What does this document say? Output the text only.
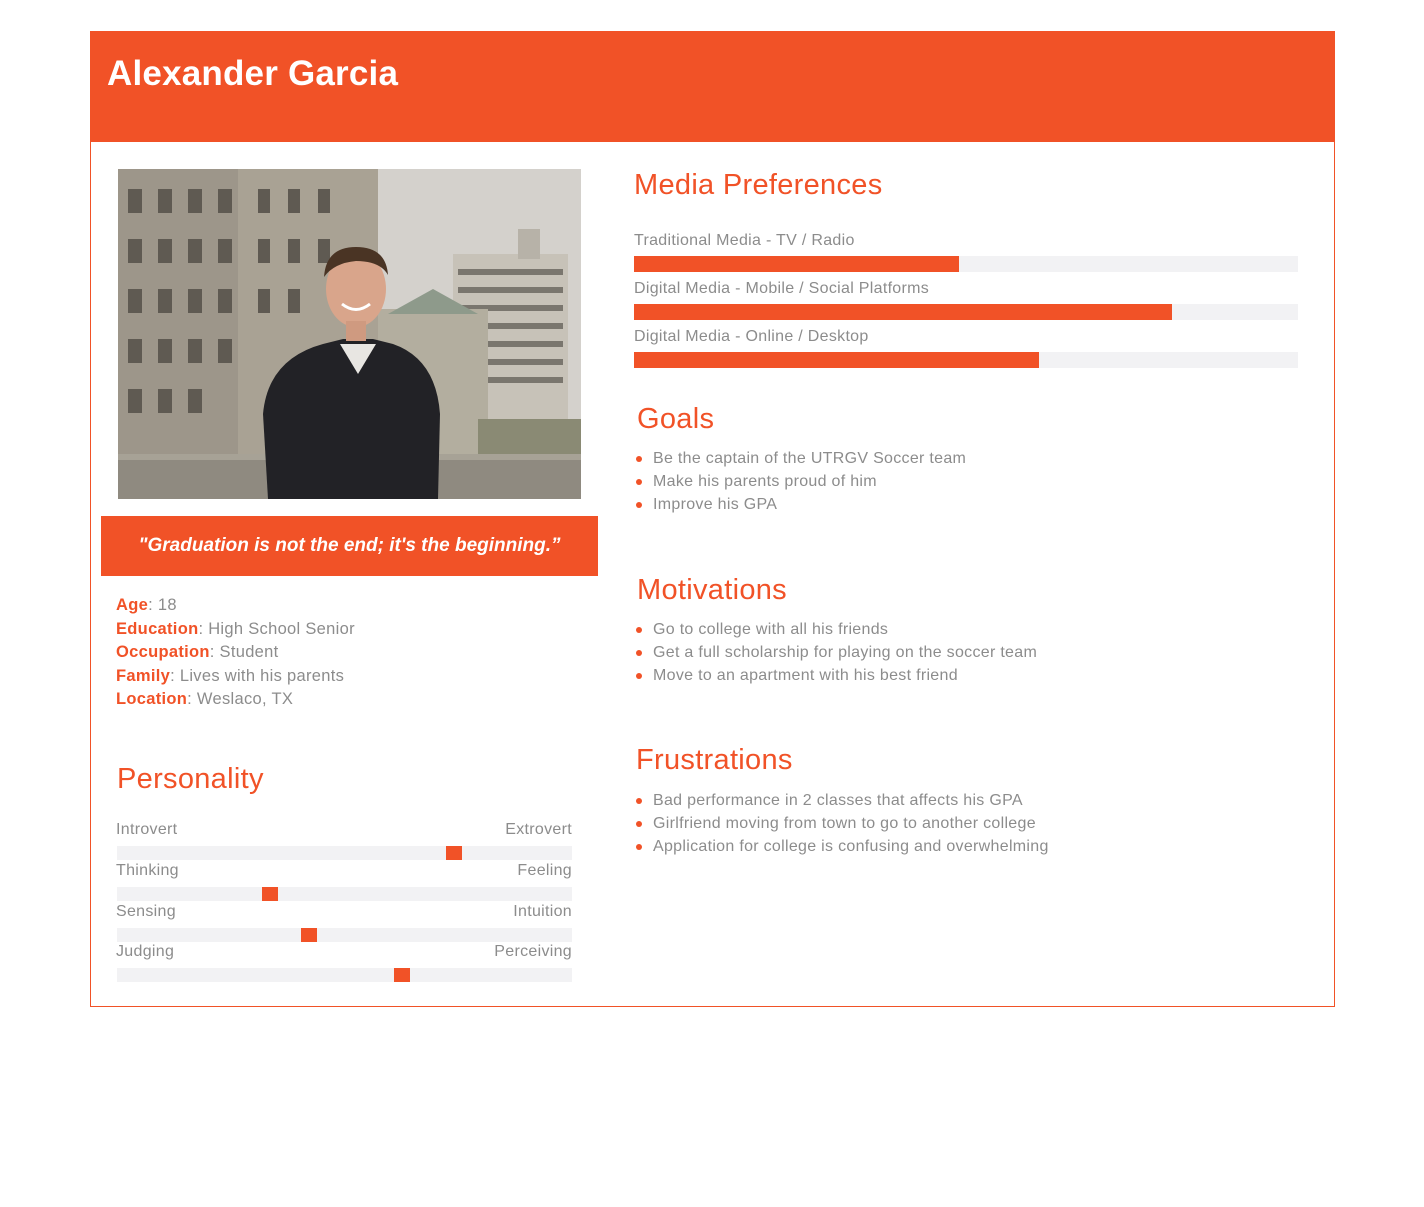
Alexander Garcia
"Graduation is not the end; it's the beginning.”
Age: 18
Education: High School Senior
Occupation: Student
Family: Lives with his parents
Location: Weslaco, TX
Personality
Introvert	Extrovert
Thinking	Feeling
Sensing	Intuition
Judging	Perceiving
Media Preferences
Traditional Media - TV / Radio
Digital Media - Mobile / Social Platforms
Digital Media - Online / Desktop
Goals
Be the captain of the UTRGV Soccer team
Make his parents proud of him
Improve his GPA
Motivations
Go to college with all his friends
Get a full scholarship for playing on the soccer team
Move to an apartment with his best friend
Frustrations
Bad performance in 2 classes that affects his GPA
Girlfriend moving from town to go to another college
Application for college is confusing and overwhelming
